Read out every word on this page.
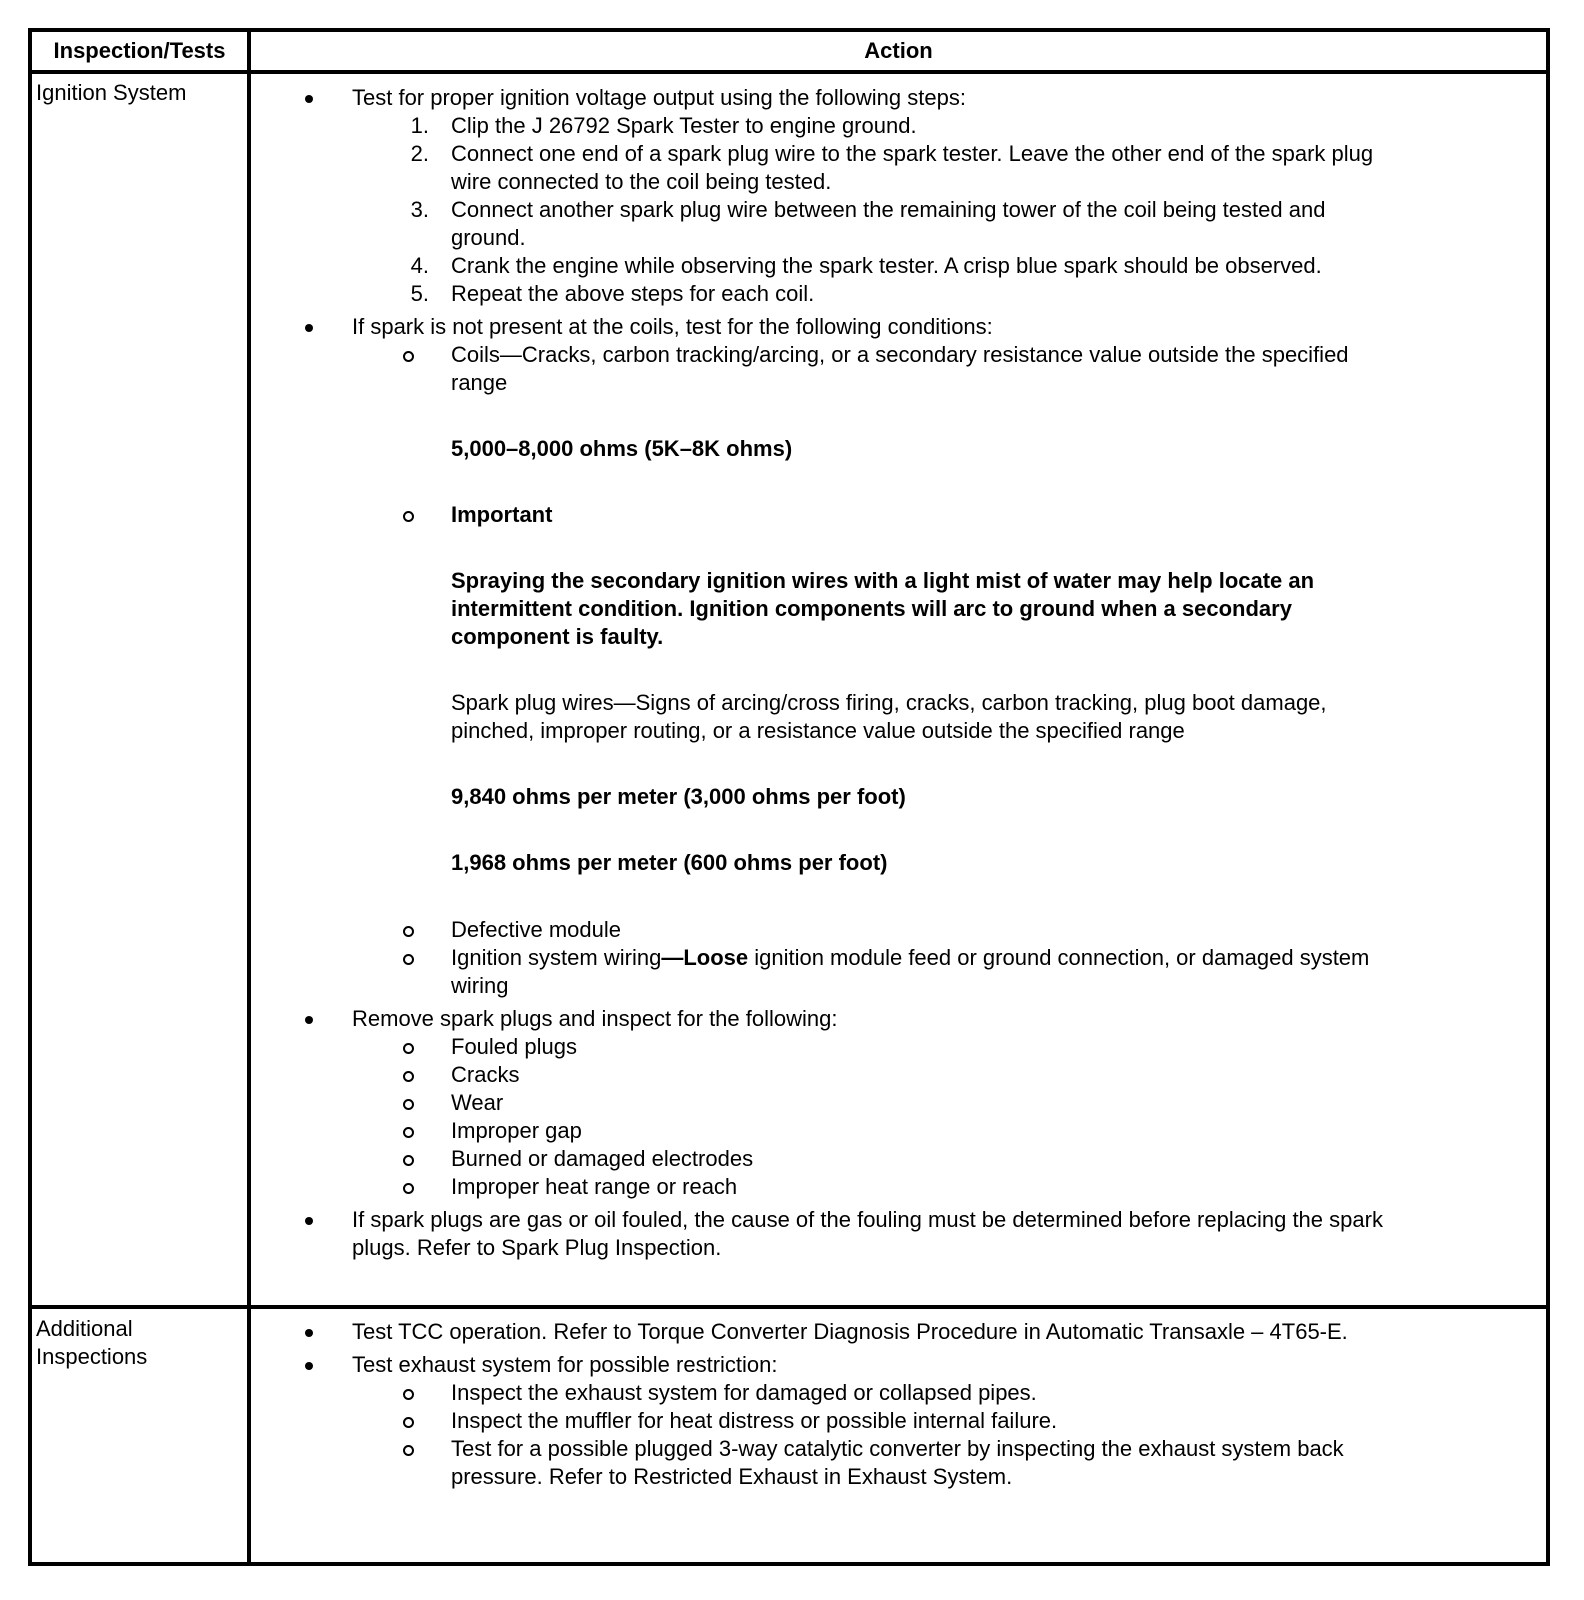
Inspection/Tests	Action
Ignition System	Test for proper ignition voltage output using the following steps:
1. Clip the J 26792 Spark Tester to engine ground.
2. Connect one end of a spark plug wire to the spark tester. Leave the other end of the spark plug
wire connected to the coil being tested.
3. Connect another spark plug wire between the remaining tower of the coil being tested and
ground.
4. Crank the engine while observing the spark tester. A crisp blue spark should be observed.
5. Repeat the above steps for each coil.
If spark is not present at the coils, test for the following conditions:
Coils—Cracks, carbon tracking/arcing, or a secondary resistance value outside the specified
range
5,000–8,000 ohms (5K–8K ohms)
Important
Spraying the secondary ignition wires with a light mist of water may help locate an
intermittent condition. Ignition components will arc to ground when a secondary
component is faulty.
Spark plug wires—Signs of arcing/cross firing, cracks, carbon tracking, plug boot damage,
pinched, improper routing, or a resistance value outside the specified range
9,840 ohms per meter (3,000 ohms per foot)
1,968 ohms per meter (600 ohms per foot)
Defective module
Ignition system wiring—Loose ignition module feed or ground connection, or damaged system
wiring
Remove spark plugs and inspect for the following:
Fouled plugs
Cracks
Wear
Improper gap
Burned or damaged electrodes
Improper heat range or reach
If spark plugs are gas or oil fouled, the cause of the fouling must be determined before replacing the spark
plugs. Refer to Spark Plug Inspection.
Additional
Inspections
Test TCC operation. Refer to Torque Converter Diagnosis Procedure in Automatic Transaxle – 4T65-E.
Test exhaust system for possible restriction:
Inspect the exhaust system for damaged or collapsed pipes.
Inspect the muffler for heat distress or possible internal failure.
Test for a possible plugged 3-way catalytic converter by inspecting the exhaust system back
pressure. Refer to Restricted Exhaust in Exhaust System.
